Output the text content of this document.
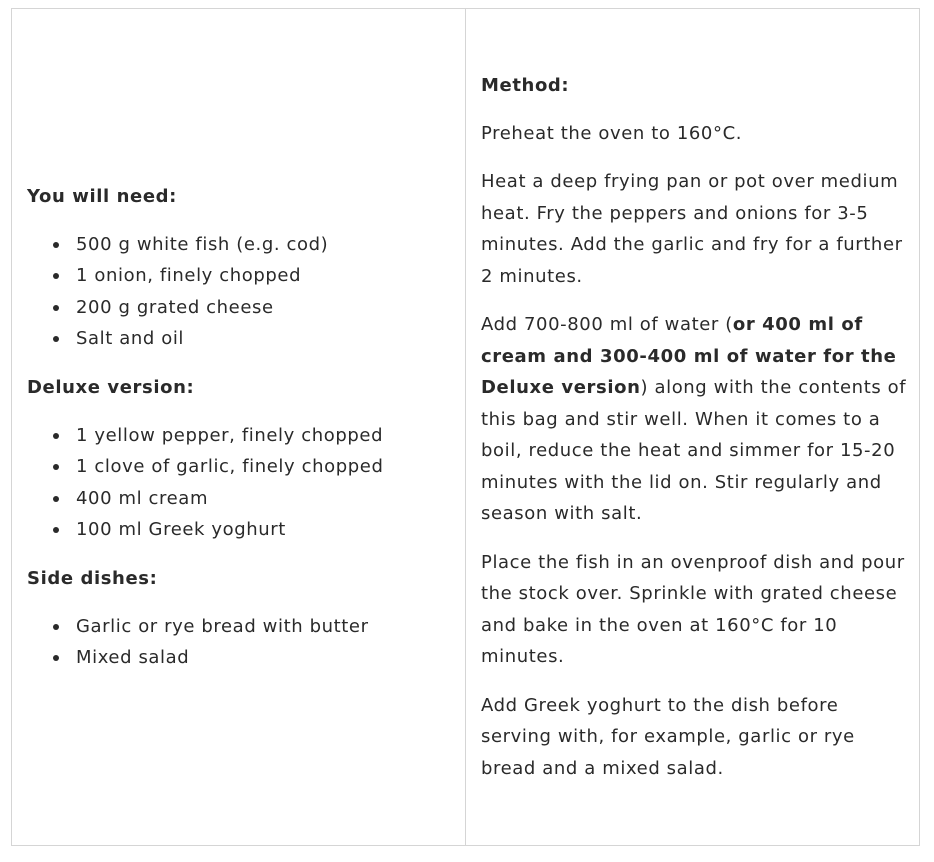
You will need:
500 g white fish (e.g. cod)
1 onion, finely chopped
200 g grated cheese
Salt and oil
Deluxe version:
1 yellow pepper, finely chopped
1 clove of garlic, finely chopped
400 ml cream
100 ml Greek yoghurt
Side dishes:
Garlic or rye bread with butter
Mixed salad
Method:

Preheat the oven to 160°C.

Heat a deep frying pan or pot over medium heat. Fry the peppers and onions for 3-5 minutes. Add the garlic and fry for a further 2 minutes.

Add 700-800 ml of water (or 400 ml of cream and 300-400 ml of water for the Deluxe version) along with the contents of this bag and stir well. When it comes to a boil, reduce the heat and simmer for 15-20 minutes with the lid on. Stir regularly and season with salt.

Place the fish in an ovenproof dish and pour the stock over. Sprinkle with grated cheese and bake in the oven at 160°C for 10 minutes.

Add Greek yoghurt to the dish before serving with, for example, garlic or rye bread and a mixed salad.
